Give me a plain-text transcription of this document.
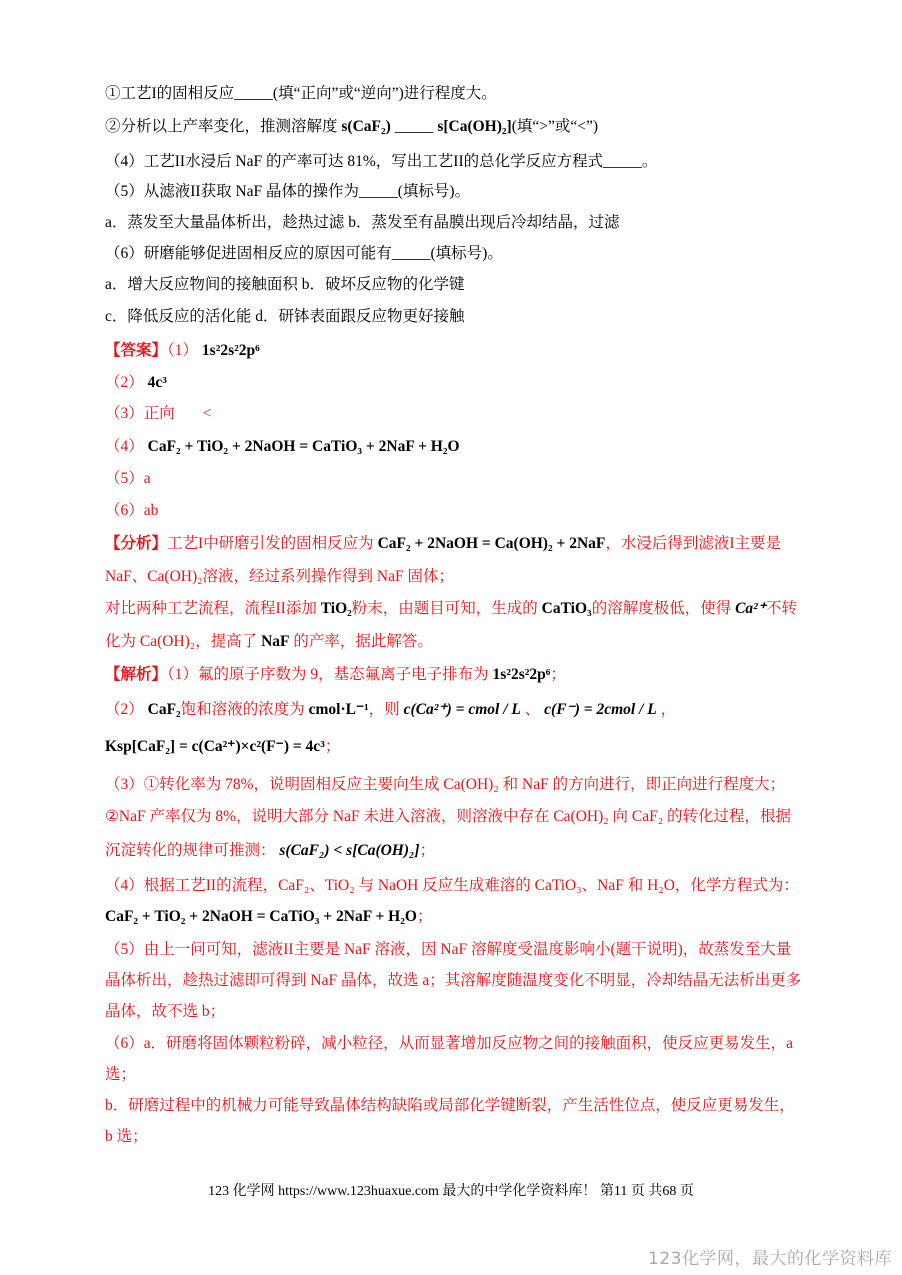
①工艺I的固相反应_____(填“正向”或“逆向”)进行程度大。
②分析以上产率变化，推测溶解度 s(CaF₂) _____ s[Ca(OH)₂](填“>”或“<”)
（4）工艺II水浸后 NaF 的产率可达 81%，写出工艺II的总化学反应方程式_____。
（5）从滤液II获取 NaF 晶体的操作为_____(填标号)。
a．蒸发至大量晶体析出，趁热过滤 b．蒸发至有晶膜出现后冷却结晶，过滤
（6）研磨能够促进固相反应的原因可能有_____(填标号)。
a．增大反应物间的接触面积 b．破坏反应物的化学键
c．降低反应的活化能 d．研钵表面跟反应物更好接触
【答案】（1） 1s²2s²2p⁶
（2） 4c³
（3）正向 <
（4） CaF₂ + TiO₂ + 2NaOH = CaTiO₃ + 2NaF + H₂O
（5）a
（6）ab
【分析】工艺I中研磨引发的固相反应为 CaF₂ + 2NaOH = Ca(OH)₂ + 2NaF，水浸后得到滤液I主要是
NaF、Ca(OH)₂溶液，经过系列操作得到 NaF 固体；
对比两种工艺流程，流程II添加 TiO₂粉末，由题目可知，生成的 CaTiO₃的溶解度极低，使得 Ca²⁺不转
化为 Ca(OH)₂，提高了 NaF 的产率，据此解答。
【解析】（1）氟的原子序数为 9，基态氟离子电子排布为 1s²2s²2p⁶；
（2） CaF₂饱和溶液的浓度为 cmol·L⁻¹，则 c(Ca²⁺) = cmol / L 、 c(F⁻) = 2cmol / L ，
Ksp[CaF₂] = c(Ca²⁺)×c²(F⁻) = 4c³；
（3）①转化率为 78%，说明固相反应主要向生成 Ca(OH)₂ 和 NaF 的方向进行，即正向进行程度大；
②NaF 产率仅为 8%，说明大部分 NaF 未进入溶液，则溶液中存在 Ca(OH)₂ 向 CaF₂ 的转化过程，根据
沉淀转化的规律可推测： s(CaF₂) < s[Ca(OH)₂]；
（4）根据工艺II的流程，CaF₂、TiO₂ 与 NaOH 反应生成难溶的 CaTiO₃、NaF 和 H₂O，化学方程式为：
CaF₂ + TiO₂ + 2NaOH = CaTiO₃ + 2NaF + H₂O；
（5）由上一问可知，滤液II主要是 NaF 溶液，因 NaF 溶解度受温度影响小(题干说明)，故蒸发至大量
晶体析出，趁热过滤即可得到 NaF 晶体，故选 a；其溶解度随温度变化不明显，冷却结晶无法析出更多
晶体，故不选 b；
（6）a．研磨将固体颗粒粉碎，减小粒径，从而显著增加反应物之间的接触面积，使反应更易发生，a
选；
b．研磨过程中的机械力可能导致晶体结构缺陷或局部化学键断裂，产生活性位点，使反应更易发生，
b 选；
123 化学网 https://www.123huaxue.com 最大的中学化学资料库！ 第11 页 共68 页
123化学网，最大的化学资料库
